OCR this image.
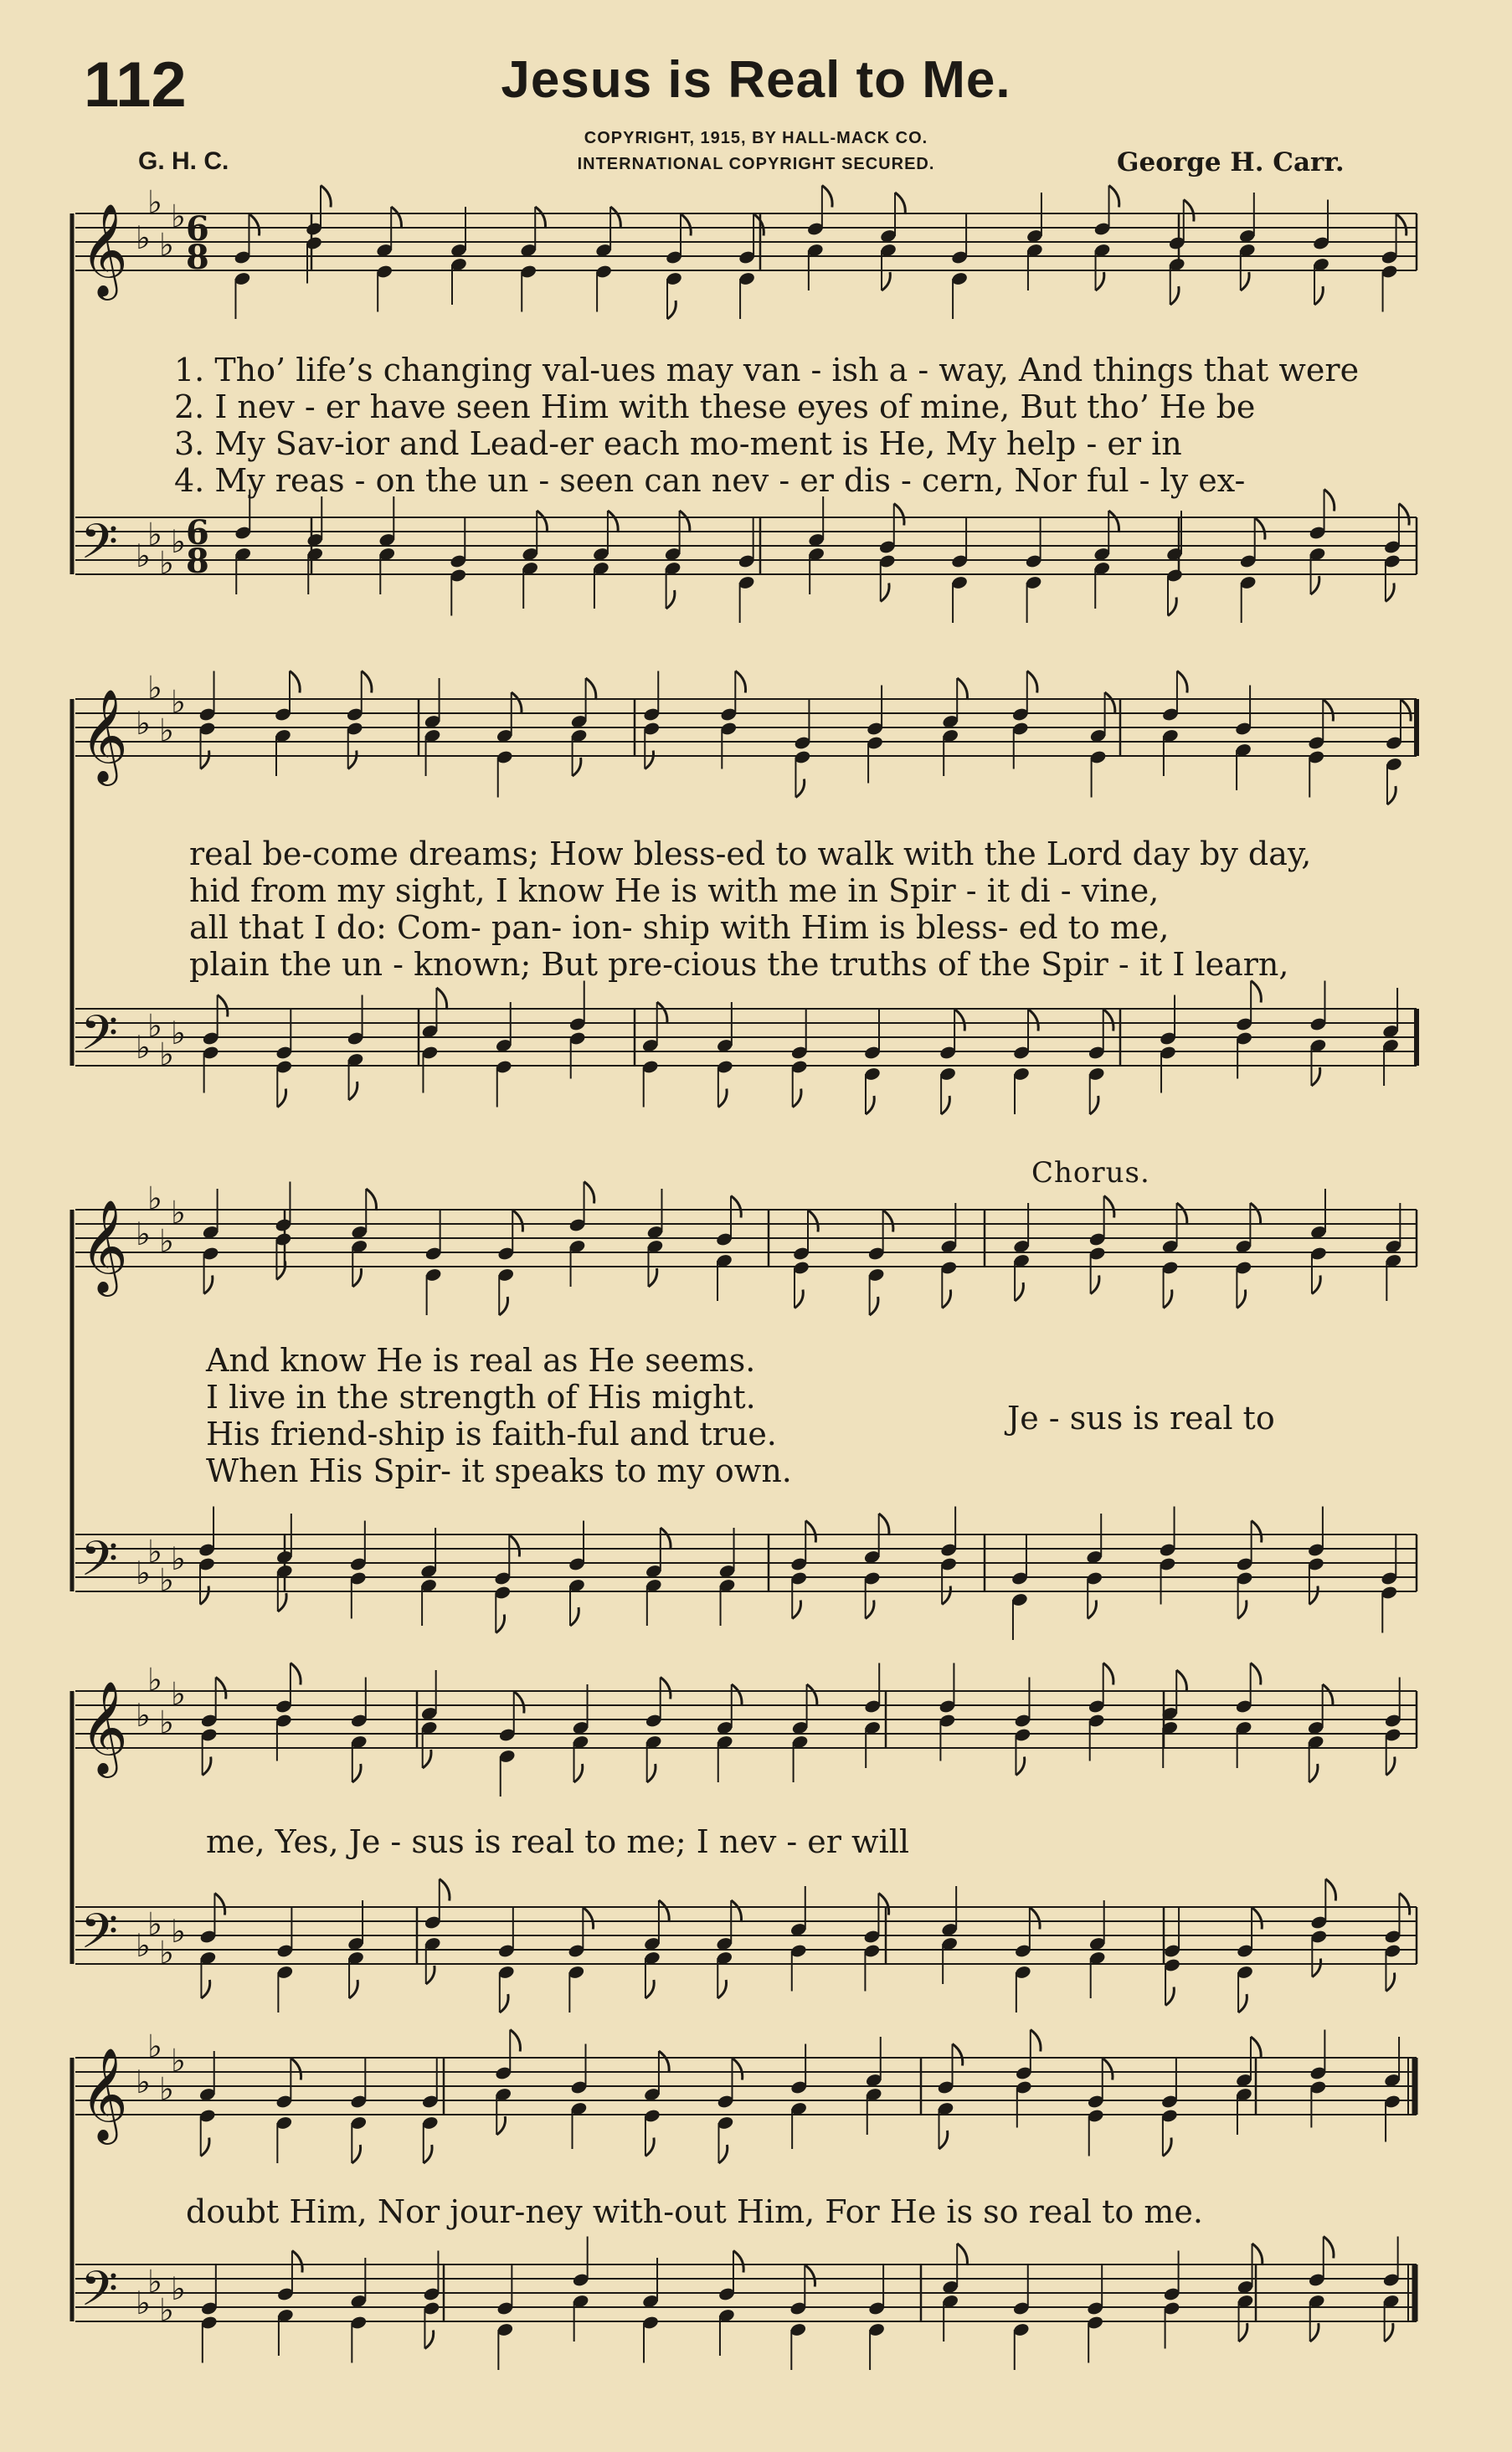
112	Jesus is Real to Me.
COPYRIGHT, 1915, BY HALL-MACK CO.
INTERNATIONAL COPYRIGHT SECURED.
G. H. C.	George H. Carr.
𝄞 ♭
♭
♭
♭ 6
8
𝄢 ♭
♭
♭
♭ 6
8
𝄞 ♭
♭
♭
♭
𝄢 ♭
♭
♭
♭
𝄞 ♭
♭
♭
♭
𝄢 ♭
♭
♭
♭
𝄞 ♭
♭
♭
♭
𝄢 ♭
♭
♭
♭
𝄞 ♭
♭
♭
♭
𝄢 ♭
♭
♭
♭
1. Tho’ life’s changing val-ues may van - ish a - way, And things that were
2. I nev - er have seen Him with these eyes of mine, But tho’ He be
3. My Sav-ior and Lead-er each mo-ment is He, My help - er in
4. My reas - on the un - seen can nev - er dis - cern, Nor ful - ly ex-
real be-come dreams; How bless-ed to walk with the Lord day by day,
hid from my sight, I know He is with me in Spir - it di - vine,
all that I do: Com- pan- ion- ship with Him is bless- ed to me,
plain the un - known; But pre-cious the truths of the Spir - it I learn,
Chorus.
And know He is real as He seems.
I live in the strength of His might.
His friend-ship is faith-ful and true.
When His Spir- it speaks to my own.
Je - sus is real to
me, Yes, Je - sus is real to me; I nev - er will
doubt Him, Nor jour-ney with-out Him, For He is so real to me.
